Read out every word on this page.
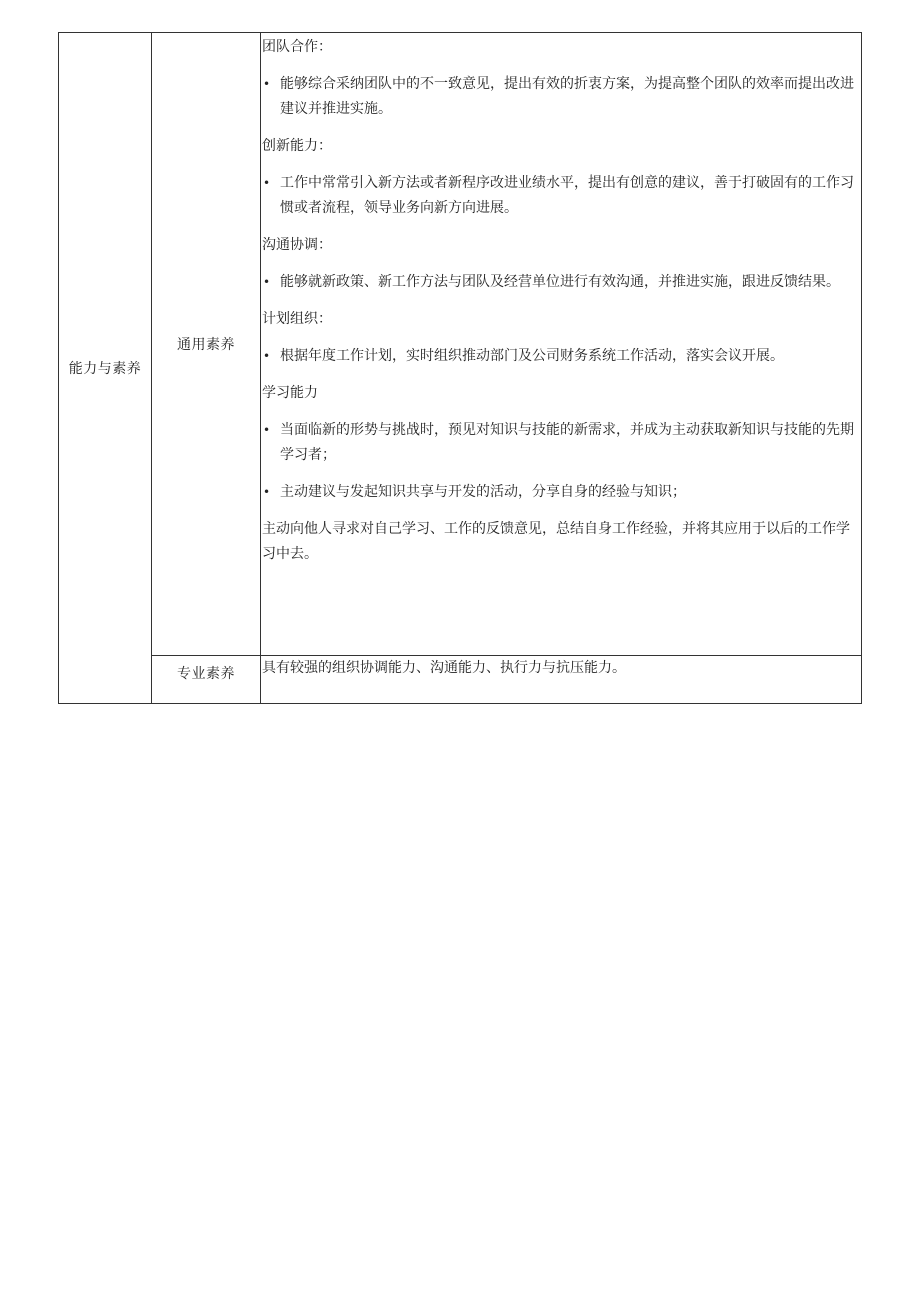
能力与素养
通用素养
专业素养

团队合作：

• 能够综合采纳团队中的不一致意见，提出有效的折衷方案，为提高整个团队的效率而提出改进建议并推进实施。

创新能力：

• 工作中常常引入新方法或者新程序改进业绩水平，提出有创意的建议，善于打破固有的工作习惯或者流程，领导业务向新方向进展。

沟通协调：

• 能够就新政策、新工作方法与团队及经营单位进行有效沟通，并推进实施，跟进反馈结果。

计划组织：

• 根据年度工作计划，实时组织推动部门及公司财务系统工作活动，落实会议开展。

学习能力

• 当面临新的形势与挑战时，预见对知识与技能的新需求，并成为主动获取新知识与技能的先期学习者；
• 主动建议与发起知识共享与开发的活动，分享自身的经验与知识；

主动向他人寻求对自己学习、工作的反馈意见，总结自身工作经验，并将其应用于以后的工作学习中去。

具有较强的组织协调能力、沟通能力、执行力与抗压能力。
